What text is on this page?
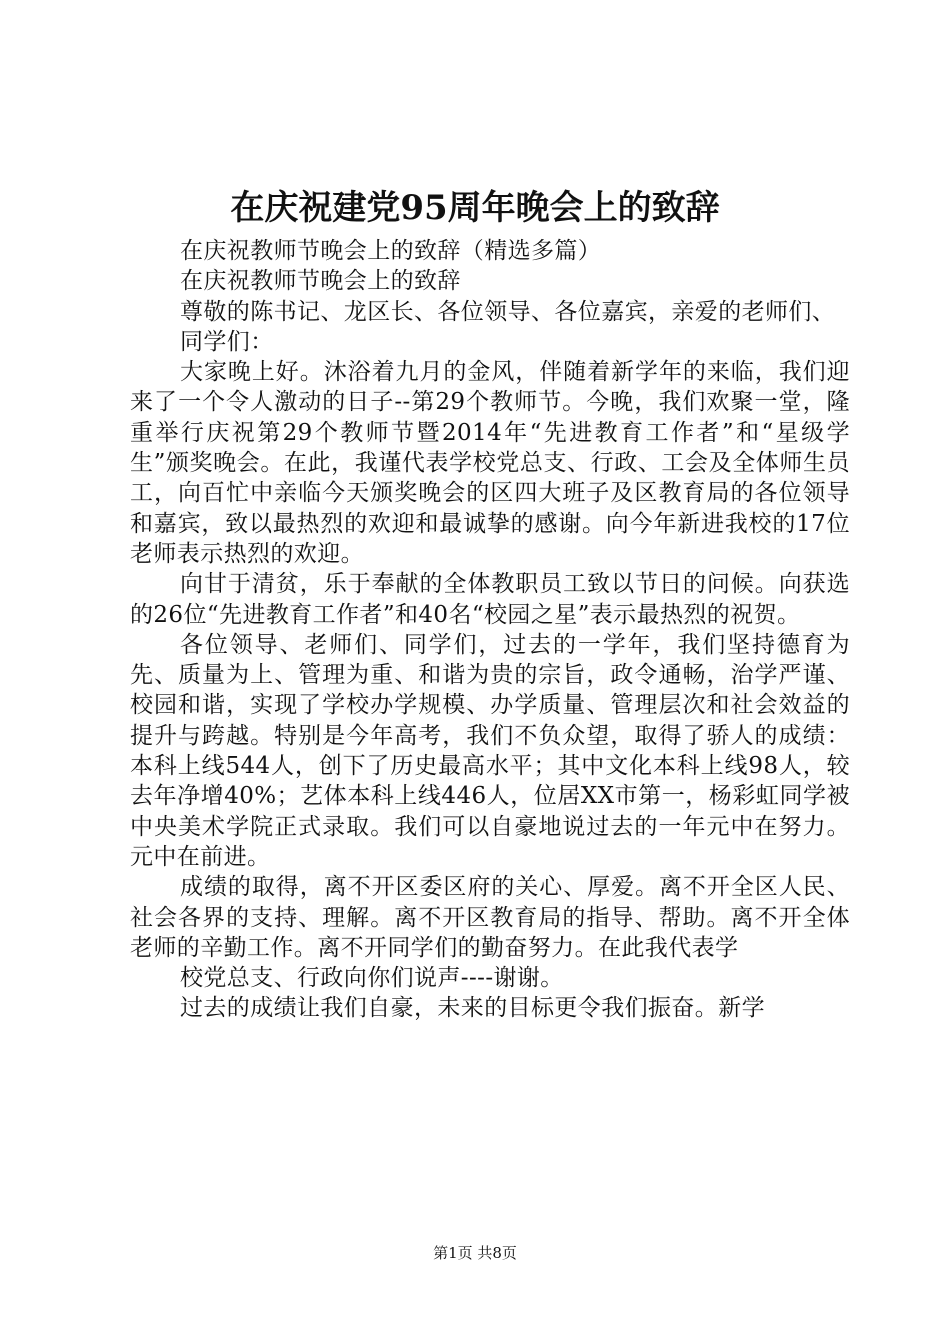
在庆祝建党95周年晚会上的致辞

在庆祝教师节晚会上的致辞（精选多篇）

在庆祝教师节晚会上的致辞

尊敬的陈书记、龙区长、各位领导、各位嘉宾，亲爱的老师们、

同学们：

大家晚上好。沐浴着九月的金风，伴随着新学年的来临，我们迎来了一个令人激动的日子--第29个教师节。今晚，我们欢聚一堂，隆重举行庆祝第29个教师节暨2014年“先进教育工作者”和“星级学生”颁奖晚会。在此，我谨代表学校党总支、行政、工会及全体师生员工，向百忙中亲临今天颁奖晚会的区四大班子及区教育局的各位领导和嘉宾，致以最热烈的欢迎和最诚挚的感谢。向今年新进我校的17位老师表示热烈的欢迎。

向甘于清贫，乐于奉献的全体教职员工致以节日的问候。向获选的26位“先进教育工作者”和40名“校园之星”表示最热烈的祝贺。

各位领导、老师们、同学们，过去的一学年，我们坚持德育为先、质量为上、管理为重、和谐为贵的宗旨，政令通畅，治学严谨、校园和谐，实现了学校办学规模、办学质量、管理层次和社会效益的提升与跨越。特别是今年高考，我们不负众望，取得了骄人的成绩：本科上线544人，创下了历史最高水平；其中文化本科上线98人，较去年净增40%；艺体本科上线446人，位居XX市第一，杨彩虹同学被中央美术学院正式录取。我们可以自豪地说过去的一年元中在努力。元中在前进。

成绩的取得，离不开区委区府的关心、厚爱。离不开全区人民、社会各界的支持、理解。离不开区教育局的指导、帮助。离不开全体老师的辛勤工作。离不开同学们的勤奋努力。在此我代表学

校党总支、行政向你们说声----谢谢。

过去的成绩让我们自豪，未来的目标更令我们振奋。新学

第1页 共8页
